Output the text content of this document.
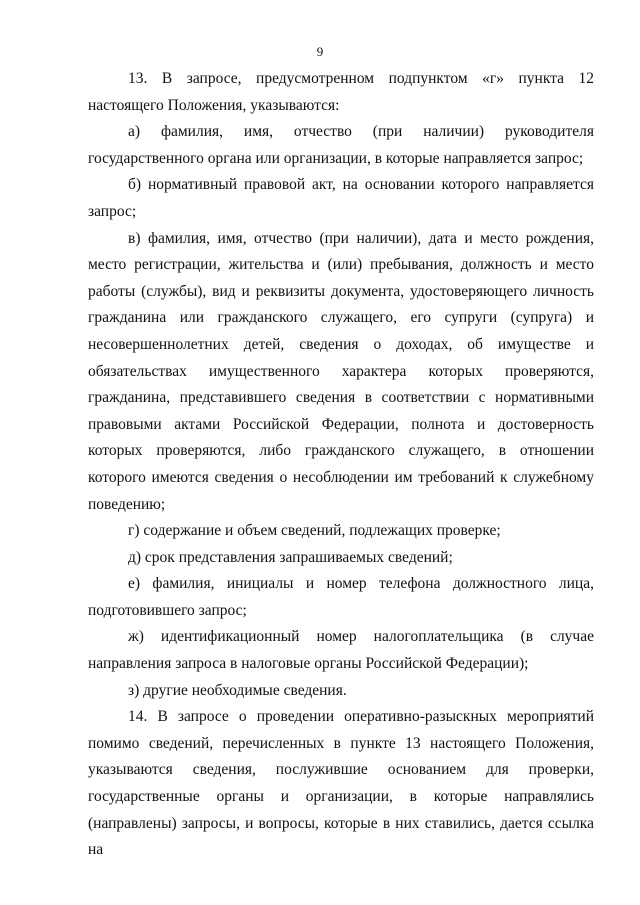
9

13. В запросе, предусмотренном подпунктом «г» пункта 12 настоящего Положения, указываются:

а) фамилия, имя, отчество (при наличии) руководителя государственного органа или организации, в которые направляется запрос;

б) нормативный правовой акт, на основании которого направляется запрос;

в) фамилия, имя, отчество (при наличии), дата и место рождения, место регистрации, жительства и (или) пребывания, должность и место работы (службы), вид и реквизиты документа, удостоверяющего личность гражданина или гражданского служащего, его супруги (супруга) и несовершеннолетних детей, сведения о доходах, об имуществе и обязательствах имущественного характера которых проверяются, гражданина, представившего сведения в соответствии с нормативными правовыми актами Российской Федерации, полнота и достоверность которых проверяются, либо гражданского служащего, в отношении которого имеются сведения о несоблюдении им требований к служебному поведению;

г) содержание и объем сведений, подлежащих проверке;

д) срок представления запрашиваемых сведений;

е) фамилия, инициалы и номер телефона должностного лица, подготовившего запрос;

ж) идентификационный номер налогоплательщика (в случае направления запроса в налоговые органы Российской Федерации);

з) другие необходимые сведения.

14. В запросе о проведении оперативно-разыскных мероприятий помимо сведений, перечисленных в пункте 13 настоящего Положения, указываются сведения, послужившие основанием для проверки, государственные органы и организации, в которые направлялись (направлены) запросы, и вопросы, которые в них ставились, дается ссылка на
